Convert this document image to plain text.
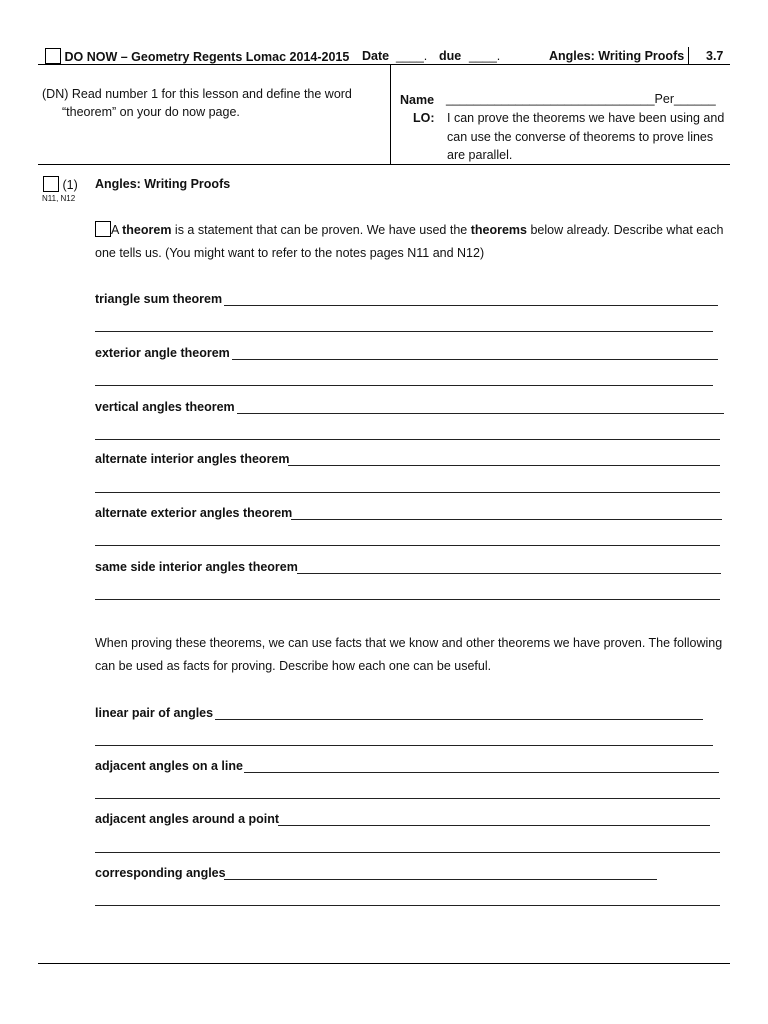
DO NOW – Geometry Regents Lomac 2014-2015 Date ____. due ____.	Angles: Writing Proofs 3.7
(DN) Read number 1 for this lesson and define the word
“theorem” on your do now page.
Name ______________________________Per______
LO: I can prove the theorems we have been using and
can use the converse of theorems to prove lines
are parallel.
(1)
N11, N12
Angles: Writing Proofs
A theorem is a statement that can be proven. We have used the theorems below already. Describe what each
one tells us. (You might want to refer to the notes pages N11 and N12)
triangle sum theorem
exterior angle theorem
vertical angles theorem
alternate interior angles theorem
alternate exterior angles theorem
same side interior angles theorem
When proving these theorems, we can use facts that we know and other theorems we have proven. The following
can be used as facts for proving. Describe how each one can be useful.
linear pair of angles
adjacent angles on a line
adjacent angles around a point
corresponding angles
